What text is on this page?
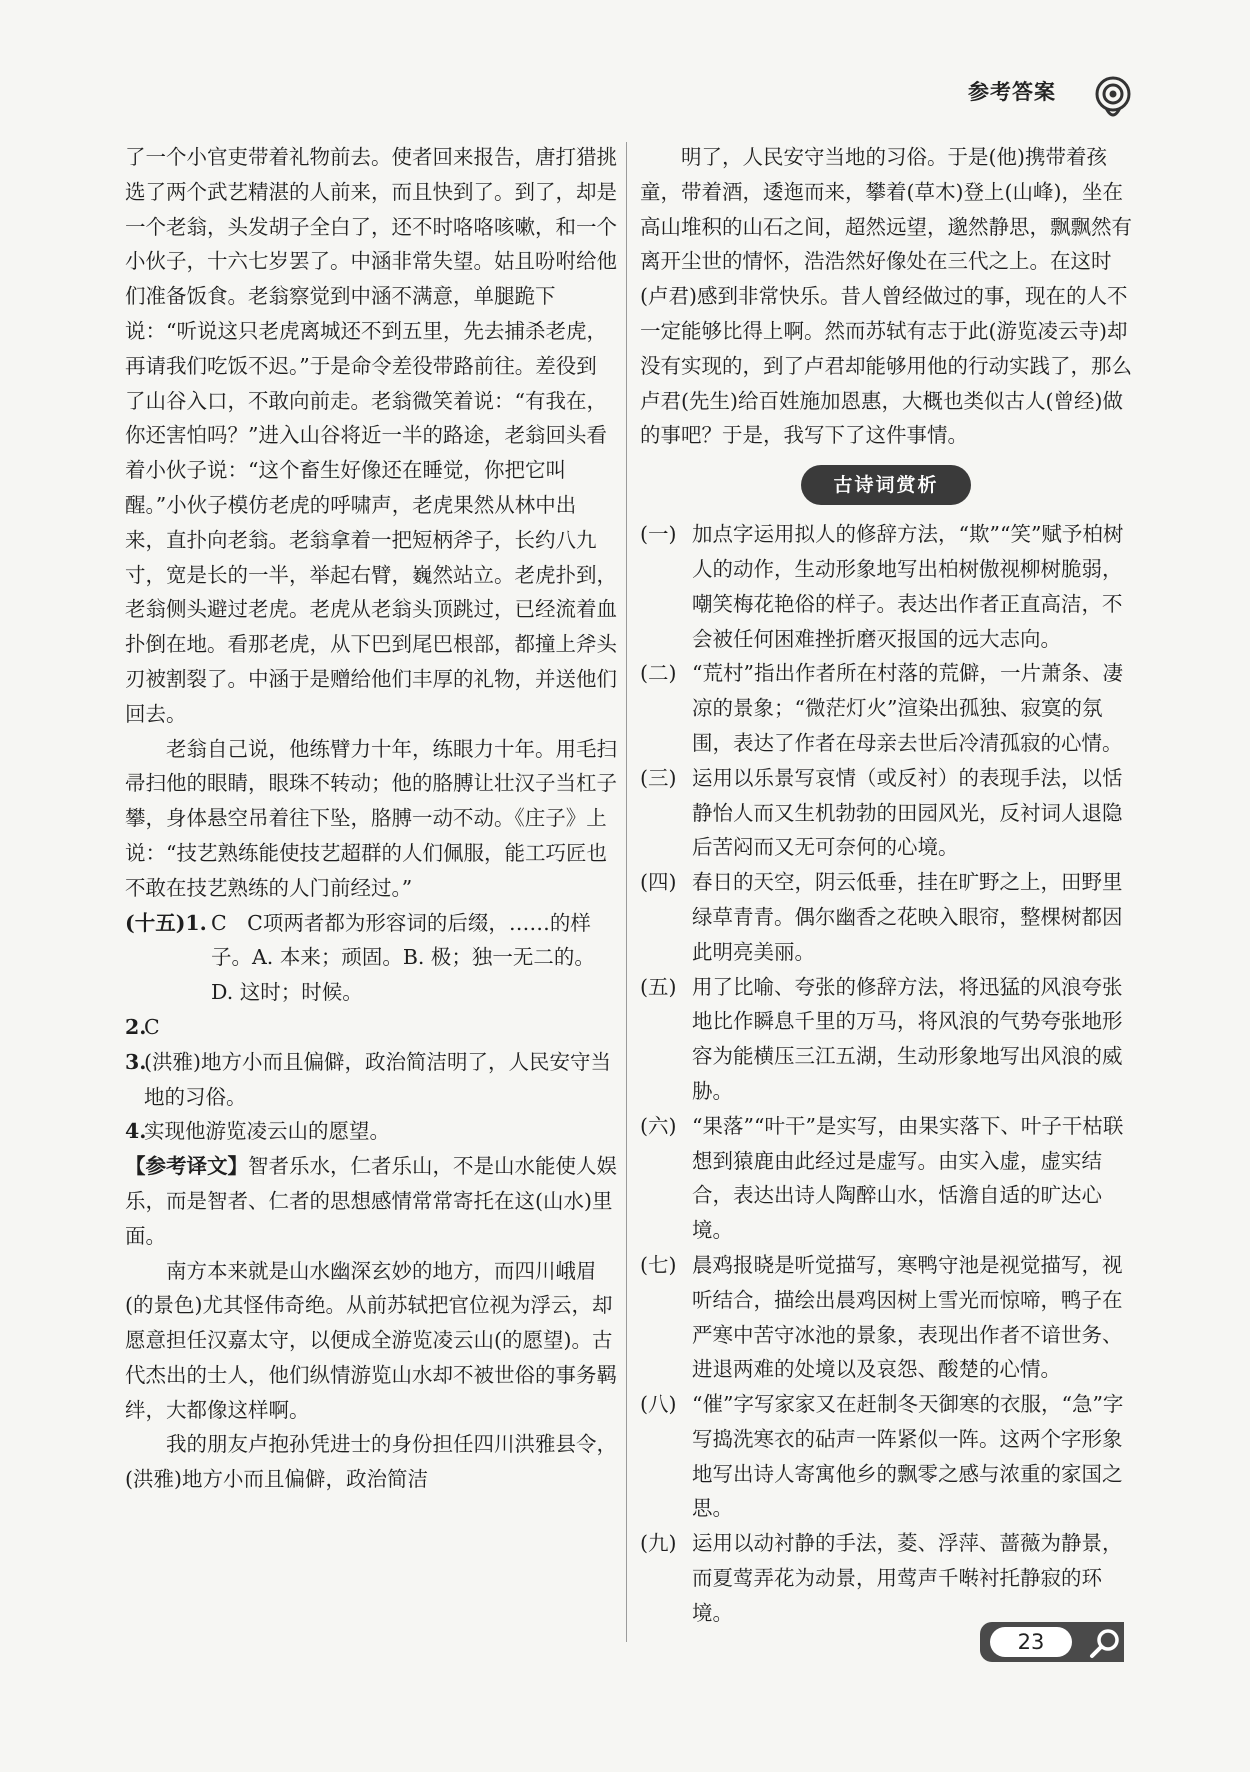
参考答案

了一个小官吏带着礼物前去。使者回来报告，唐打猎挑选了两个武艺精湛的人前来，而且快到了。到了，却是一个老翁，头发胡子全白了，还不时咯咯咳嗽，和一个小伙子，十六七岁罢了。中涵非常失望。姑且吩咐给他们准备饭食。老翁察觉到中涵不满意，单腿跪下说：“听说这只老虎离城还不到五里，先去捕杀老虎，再请我们吃饭不迟。”于是命令差役带路前往。差役到了山谷入口，不敢向前走。老翁微笑着说：“有我在，你还害怕吗？”进入山谷将近一半的路途，老翁回头看着小伙子说：“这个畜生好像还在睡觉，你把它叫醒。”小伙子模仿老虎的呼啸声，老虎果然从林中出来，直扑向老翁。老翁拿着一把短柄斧子，长约八九寸，宽是长的一半，举起右臂，巍然站立。老虎扑到，老翁侧头避过老虎。老虎从老翁头顶跳过，已经流着血扑倒在地。看那老虎，从下巴到尾巴根部，都撞上斧头刃被割裂了。中涵于是赠给他们丰厚的礼物，并送他们回去。

老翁自己说，他练臂力十年，练眼力十年。用毛扫帚扫他的眼睛，眼珠不转动；他的胳膊让壮汉子当杠子攀，身体悬空吊着往下坠，胳膊一动不动。《庄子》上说：“技艺熟练能使技艺超群的人们佩服，能工巧匠也不敢在技艺熟练的人门前经过。”

(十五)1. C　C项两者都为形容词的后缀，……的样子。A. 本来；顽固。B. 极；独一无二的。D. 这时；时候。
2.
C
3.
(洪雅)地方小而且偏僻，政治简洁明了，人民安守当地的习俗。
4.
实现他游览凌云山的愿望。

【参考译文】智者乐水，仁者乐山，不是山水能使人娱乐，而是智者、仁者的思想感情常常寄托在这(山水)里面。

南方本来就是山水幽深玄妙的地方，而四川峨眉(的景色)尤其怪伟奇绝。从前苏轼把官位视为浮云，却愿意担任汉嘉太守，以便成全游览凌云山(的愿望)。古代杰出的士人，他们纵情游览山水却不被世俗的事务羁绊，大都像这样啊。

我的朋友卢抱孙凭进士的身份担任四川洪雅县令，(洪雅)地方小而且偏僻，政治简洁

明了，人民安守当地的习俗。于是(他)携带着孩童，带着酒，逶迤而来，攀着(草木)登上(山峰)，坐在高山堆积的山石之间，超然远望，邈然静思，飘飘然有离开尘世的情怀，浩浩然好像处在三代之上。在这时(卢君)感到非常快乐。昔人曾经做过的事，现在的人不一定能够比得上啊。然而苏轼有志于此(游览凌云寺)却没有实现的，到了卢君却能够用他的行动实践了，那么卢君(先生)给百姓施加恩惠，大概也类似古人(曾经)做的事吧？于是，我写下了这件事情。

古诗词赏析
(一) 加点字运用拟人的修辞方法，“欺”“笑”赋予柏树人的动作，生动形象地写出柏树傲视柳树脆弱，嘲笑梅花艳俗的样子。表达出作者正直高洁，不会被任何困难挫折磨灭报国的远大志向。
(二) “荒村”指出作者所在村落的荒僻，一片萧条、凄凉的景象；“微茫灯火”渲染出孤独、寂寞的氛围，表达了作者在母亲去世后冷清孤寂的心情。
(三) 运用以乐景写哀情（或反衬）的表现手法，以恬静怡人而又生机勃勃的田园风光，反衬词人退隐后苦闷而又无可奈何的心境。
(四) 春日的天空，阴云低垂，挂在旷野之上，田野里绿草青青。偶尔幽香之花映入眼帘，整棵树都因此明亮美丽。
(五) 用了比喻、夸张的修辞方法，将迅猛的风浪夸张地比作瞬息千里的万马，将风浪的气势夸张地形容为能横压三江五湖，生动形象地写出风浪的威胁。
(六) “果落”“叶干”是实写，由果实落下、叶子干枯联想到猿鹿由此经过是虚写。由实入虚，虚实结合，表达出诗人陶醉山水，恬澹自适的旷达心境。
(七) 晨鸡报晓是听觉描写，寒鸭守池是视觉描写，视听结合，描绘出晨鸡因树上雪光而惊啼，鸭子在严寒中苦守冰池的景象，表现出作者不谙世务、进退两难的处境以及哀怨、酸楚的心情。
(八) “催”字写家家又在赶制冬天御寒的衣服，“急”字写捣洗寒衣的砧声一阵紧似一阵。这两个字形象地写出诗人寄寓他乡的飘零之感与浓重的家国之思。
(九) 运用以动衬静的手法，菱、浮萍、蔷薇为静景，而夏莺弄花为动景，用莺声千啭衬托静寂的环境。
23
